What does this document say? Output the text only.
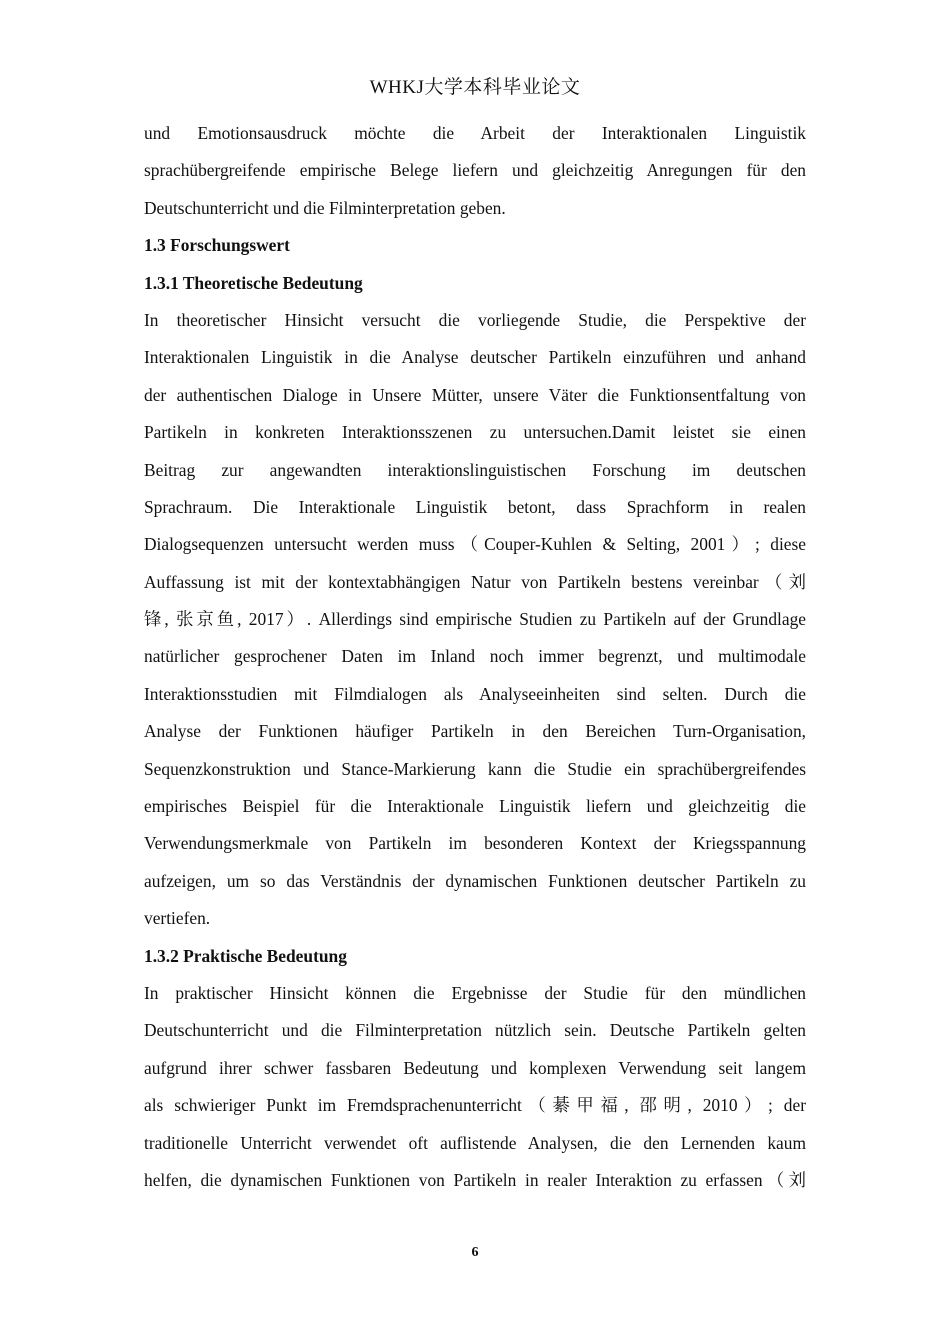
WHKJ大学本科毕业论文
und Emotionsausdruck möchte die Arbeit der Interaktionalen Linguistik
sprachübergreifende empirische Belege liefern und gleichzeitig Anregungen für den
Deutschunterricht und die Filminterpretation geben.
1.3 Forschungswert
1.3.1 Theoretische Bedeutung
In theoretischer Hinsicht versucht die vorliegende Studie, die Perspektive der
Interaktionalen Linguistik in die Analyse deutscher Partikeln einzuführen und anhand
der authentischen Dialoge in Unsere Mütter, unsere Väter die Funktionsentfaltung von
Partikeln in konkreten Interaktionsszenen zu untersuchen.Damit leistet sie einen
Beitrag zur angewandten interaktionslinguistischen Forschung im deutschen
Sprachraum. Die Interaktionale Linguistik betont, dass Sprachform in realen
Dialogsequenzen untersucht werden muss（Couper-Kuhlen & Selting, 2001）; diese
Auffassung ist mit der kontextabhängigen Natur von Partikeln bestens vereinbar（刘
锋, 张京鱼, 2017）. Allerdings sind empirische Studien zu Partikeln auf der Grundlage
natürlicher gesprochener Daten im Inland noch immer begrenzt, und multimodale
Interaktionsstudien mit Filmdialogen als Analyseeinheiten sind selten. Durch die
Analyse der Funktionen häufiger Partikeln in den Bereichen Turn-Organisation,
Sequenzkonstruktion und Stance-Markierung kann die Studie ein sprachübergreifendes
empirisches Beispiel für die Interaktionale Linguistik liefern und gleichzeitig die
Verwendungsmerkmale von Partikeln im besonderen Kontext der Kriegsspannung
aufzeigen, um so das Verständnis der dynamischen Funktionen deutscher Partikeln zu
vertiefen.
1.3.2 Praktische Bedeutung
In praktischer Hinsicht können die Ergebnisse der Studie für den mündlichen
Deutschunterricht und die Filminterpretation nützlich sein. Deutsche Partikeln gelten
aufgrund ihrer schwer fassbaren Bedeutung und komplexen Verwendung seit langem
als schwieriger Punkt im Fremdsprachenunterricht（綦甲福, 邵明, 2010）; der
traditionelle Unterricht verwendet oft auflistende Analysen, die den Lernenden kaum
helfen, die dynamischen Funktionen von Partikeln in realer Interaktion zu erfassen（刘
6
